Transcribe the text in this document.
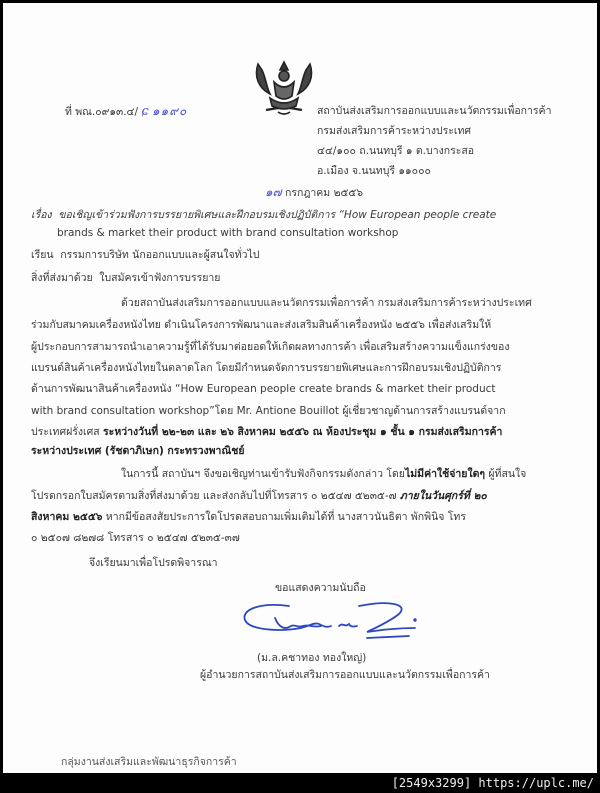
ที่ พณ.๐๙๑๓.๔/ ɕ ๑๑๙๐	สถาบันส่งเสริมการออกแบบและนวัตกรรมเพื่อการค้า
กรมส่งเสริมการค้าระหว่างประเทศ
๔๔/๑๐๐ ถ.นนทบุรี ๑ ต.บางกระสอ
อ.เมือง จ.นนทบุรี ๑๑๐๐๐
๑๗ กรกฎาคม ๒๕๕๖
เรื่อง ขอเชิญเข้าร่วมฟังการบรรยายพิเศษและฝึกอบรมเชิงปฏิบัติการ “How European people create
brands & market their product with brand consultation workshop
เรียน กรรมการบริษัท นักออกแบบและผู้สนใจทั่วไป
สิ่งที่ส่งมาด้วย ใบสมัครเข้าฟังการบรรยาย
ด้วยสถาบันส่งเสริมการออกแบบและนวัตกรรมเพื่อการค้า กรมส่งเสริมการค้าระหว่างประเทศ
ร่วมกับสมาคมเครื่องหนังไทย ดำเนินโครงการพัฒนาและส่งเสริมสินค้าเครื่องหนัง ๒๕๕๖ เพื่อส่งเสริมให้
ผู้ประกอบการสามารถนำเอาความรู้ที่ได้รับมาต่อยอดให้เกิดผลทางการค้า เพื่อเสริมสร้างความแข็งแกร่งของ
แบรนด์สินค้าเครื่องหนังไทยในตลาดโลก โดยมีกำหนดจัดการบรรยายพิเศษและการฝึกอบรมเชิงปฏิบัติการ
ด้านการพัฒนาสินค้าเครื่องหนัง “How European people create brands & market their product
with brand consultation workshop”โดย Mr. Antione Bouillot ผู้เชี่ยวชาญด้านการสร้างแบรนด์จาก
ประเทศฝรั่งเศส ระหว่างวันที่ ๒๒-๒๓ และ ๒๖ สิงหาคม ๒๕๕๖ ณ ห้องประชุม ๑ ชั้น ๑ กรมส่งเสริมการค้า
ระหว่างประเทศ (รัชดาภิเษก) กระทรวงพาณิชย์
ในการนี้ สถาบันฯ จึงขอเชิญท่านเข้ารับฟังกิจกรรมดังกล่าว โดยไม่มีค่าใช้จ่ายใดๆ ผู้ที่สนใจ
โปรดกรอกใบสมัครตามสิ่งที่ส่งมาด้วย และส่งกลับไปที่โทรสาร ๐ ๒๕๔๗ ๕๒๓๕-๗ ภายในวันศุกร์ที่ ๒๐
สิงหาคม ๒๕๕๖ หากมีข้อสงสัยประการใดโปรดสอบถามเพิ่มเติมได้ที่ นางสาวนันธิตา พักพินิจ โทร
๐ ๒๕๐๗ ๘๒๗๘ โทรสาร ๐ ๒๕๔๗ ๕๒๓๕-๓๗
จึงเรียนมาเพื่อโปรดพิจารณา
ขอแสดงความนับถือ
(ม.ล.คชาทอง ทองใหญ่)
ผู้อำนวยการสถาบันส่งเสริมการออกแบบและนวัตกรรมเพื่อการค้า
กลุ่มงานส่งเสริมและพัฒนาธุรกิจการค้า
[2549x3299] https://uplc.me/
